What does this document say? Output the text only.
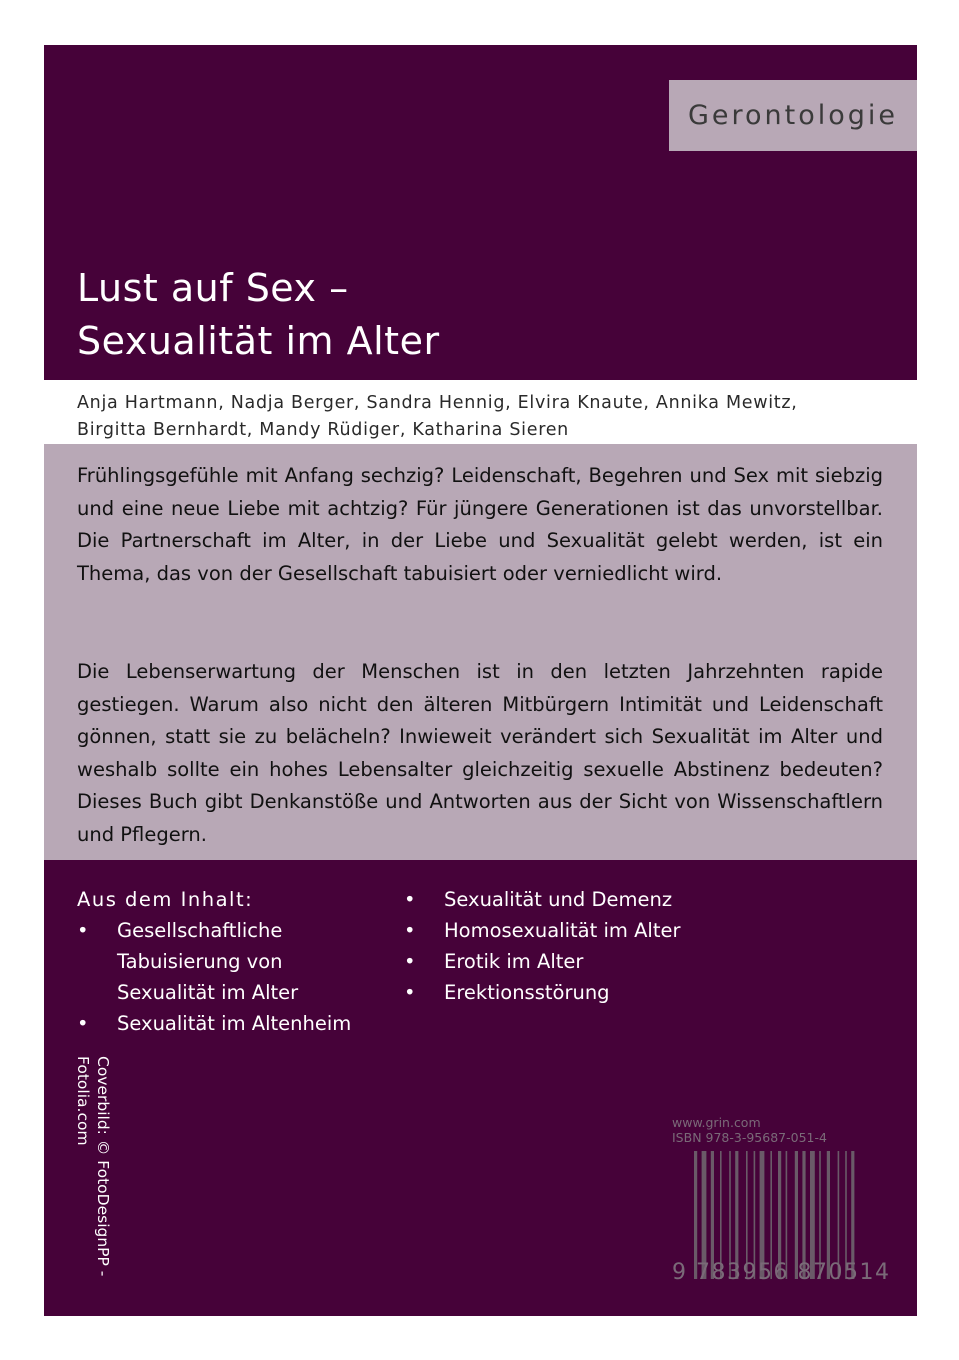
Gerontologie
Lust auf Sex –
Sexualität im Alter
Anja Hartmann, Nadja Berger, Sandra Hennig, Elvira Knaute, Annika Mewitz,
Birgitta Bernhardt, Mandy Rüdiger, Katharina Sieren

Frühlingsgefühle mit Anfang sechzig? Leidenschaft, Begehren und Sex mit siebzig und eine neue Liebe mit achtzig? Für jüngere Generationen ist das unvorstellbar. Die Partnerschaft im Alter, in der Liebe und Sexualität gelebt werden, ist ein Thema, das von der Gesellschaft tabuisiert oder verniedlicht wird.

Die Lebenserwartung der Menschen ist in den letzten Jahrzehnten rapide gestiegen. Warum also nicht den älteren Mitbürgern Intimität und Leidenschaft gönnen, statt sie zu belächeln? Inwieweit verändert sich Sexualität im Alter und weshalb sollte ein hohes Lebensalter gleichzeitig sexuelle Abstinenz bedeuten? Dieses Buch gibt Denkanstöße und Antworten aus der Sicht von Wissenschaftlern und Pflegern.

Aus dem Inhalt:
• Gesellschaftliche Tabuisierung von Sexualität im Alter
• Sexualität im Altenheim
• Sexualität und Demenz
• Homosexualität im Alter
• Erotik im Alter
• Erektionsstörung
Coverbild: © FotoDesignPP -
Fotolia.com	www.grin.com
ISBN 978-3-95687-051-4
9 783956 870514
